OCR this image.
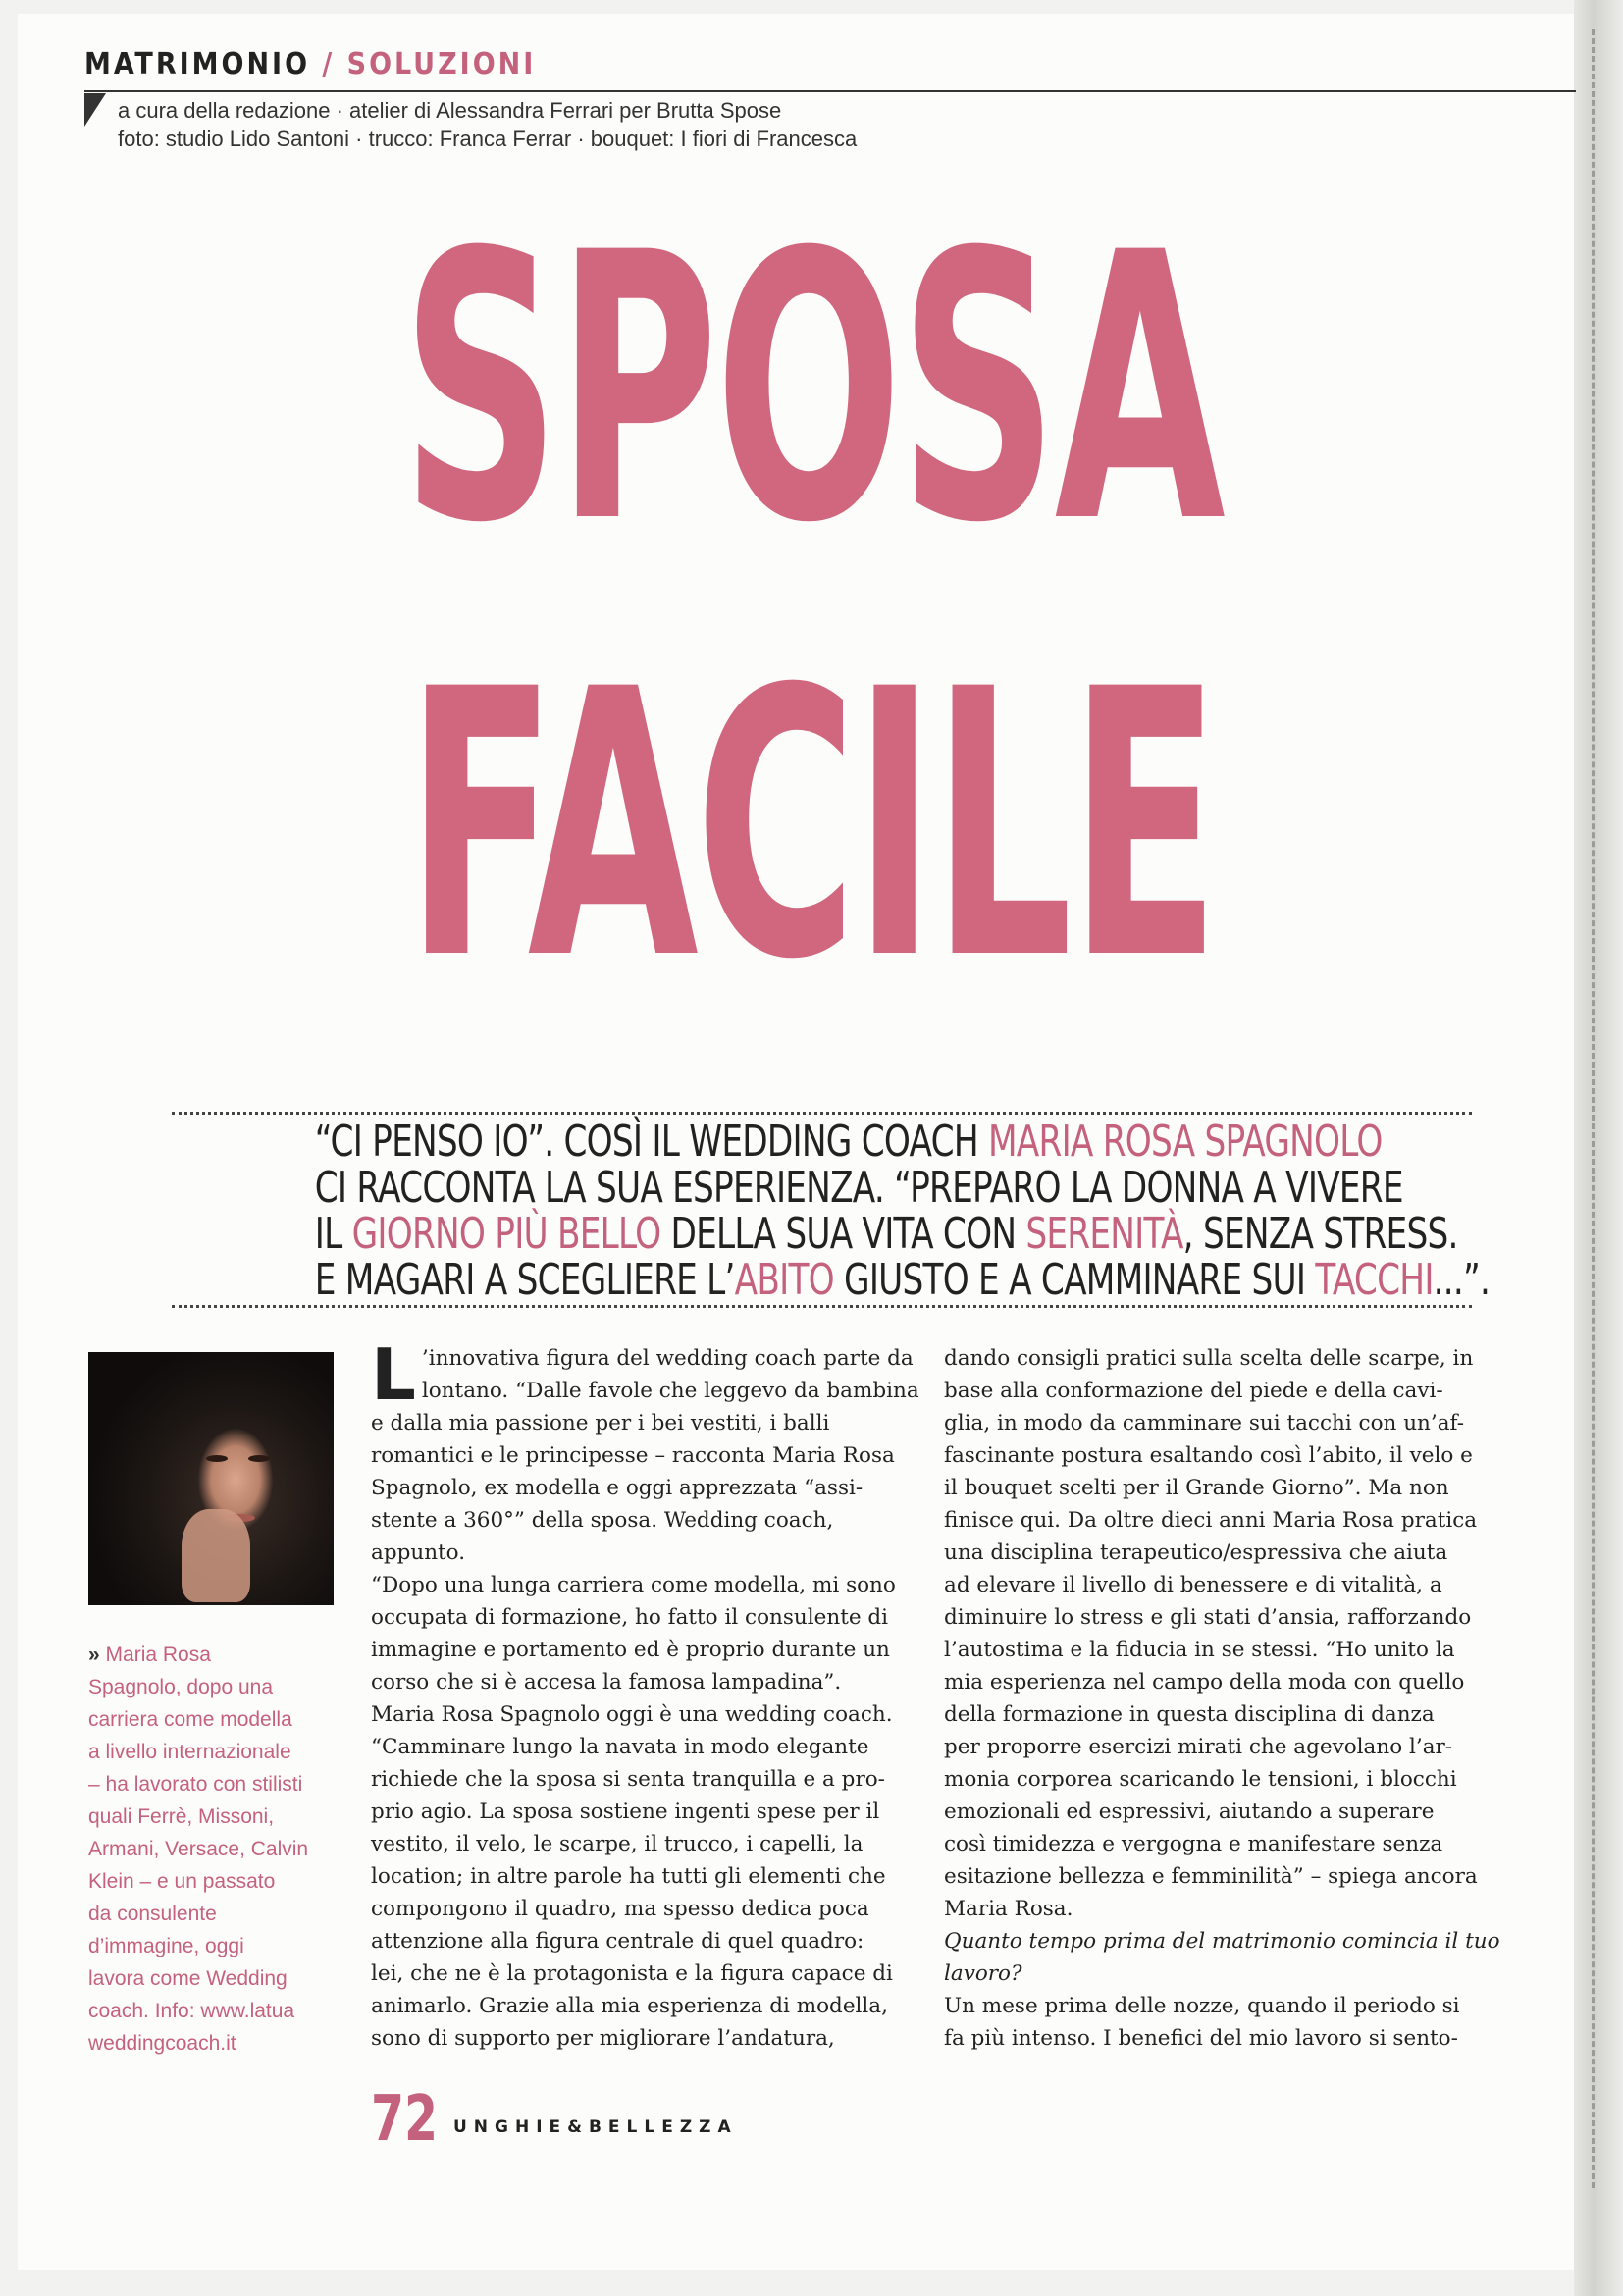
MATRIMONIO / SOLUZIONI
a cura della redazione · atelier di Alessandra Ferrari per Brutta Spose
foto: studio Lido Santoni · trucco: Franca Ferrar · bouquet: I fiori di Francesca
SPOSA
FACILE
“CI PENSO IO”. COSÌ IL WEDDING COACH MARIA ROSA SPAGNOLO
CI RACCONTA LA SUA ESPERIENZA. “PREPARO LA DONNA A VIVERE
IL GIORNO PIÙ BELLO DELLA SUA VITA CON SERENITÀ, SENZA STRESS.
E MAGARI A SCEGLIERE L’ABITO GIUSTO E A CAMMINARE SUI TACCHI...”.
» Maria Rosa
Spagnolo, dopo una
carriera come modella
a livello internazionale
– ha lavorato con stilisti
quali Ferrè, Missoni,
Armani, Versace, Calvin
Klein – e un passato
da consulente
d’immagine, oggi
lavora come Wedding
coach. Info: www.latua
weddingcoach.it
L ’innovativa figura del wedding coach parte da
lontano. “Dalle favole che leggevo da bambina
e dalla mia passione per i bei vestiti, i balli
romantici e le principesse – racconta Maria Rosa
Spagnolo, ex modella e oggi apprezzata “assi-
stente a 360°” della sposa. Wedding coach,
appunto.
“Dopo una lunga carriera come modella, mi sono
occupata di formazione, ho fatto il consulente di
immagine e portamento ed è proprio durante un
corso che si è accesa la famosa lampadina”.
Maria Rosa Spagnolo oggi è una wedding coach.
“Camminare lungo la navata in modo elegante
richiede che la sposa si senta tranquilla e a pro-
prio agio. La sposa sostiene ingenti spese per il
vestito, il velo, le scarpe, il trucco, i capelli, la
location; in altre parole ha tutti gli elementi che
compongono il quadro, ma spesso dedica poca
attenzione alla figura centrale di quel quadro:
lei, che ne è la protagonista e la figura capace di
animarlo. Grazie alla mia esperienza di modella,
sono di supporto per migliorare l’andatura,
dando consigli pratici sulla scelta delle scarpe, in
base alla conformazione del piede e della cavi-
glia, in modo da camminare sui tacchi con un’af-
fascinante postura esaltando così l’abito, il velo e
il bouquet scelti per il Grande Giorno”. Ma non
finisce qui. Da oltre dieci anni Maria Rosa pratica
una disciplina terapeutico/espressiva che aiuta
ad elevare il livello di benessere e di vitalità, a
diminuire lo stress e gli stati d’ansia, rafforzando
l’autostima e la fiducia in se stessi. “Ho unito la
mia esperienza nel campo della moda con quello
della formazione in questa disciplina di danza
per proporre esercizi mirati che agevolano l’ar-
monia corporea scaricando le tensioni, i blocchi
emozionali ed espressivi, aiutando a superare
così timidezza e vergogna e manifestare senza
esitazione bellezza e femminilità” – spiega ancora
Maria Rosa.
Quanto tempo prima del matrimonio comincia il tuo
lavoro?
Un mese prima delle nozze, quando il periodo si
fa più intenso. I benefici del mio lavoro si sento-
72 UNGHIE&BELLEZZA
